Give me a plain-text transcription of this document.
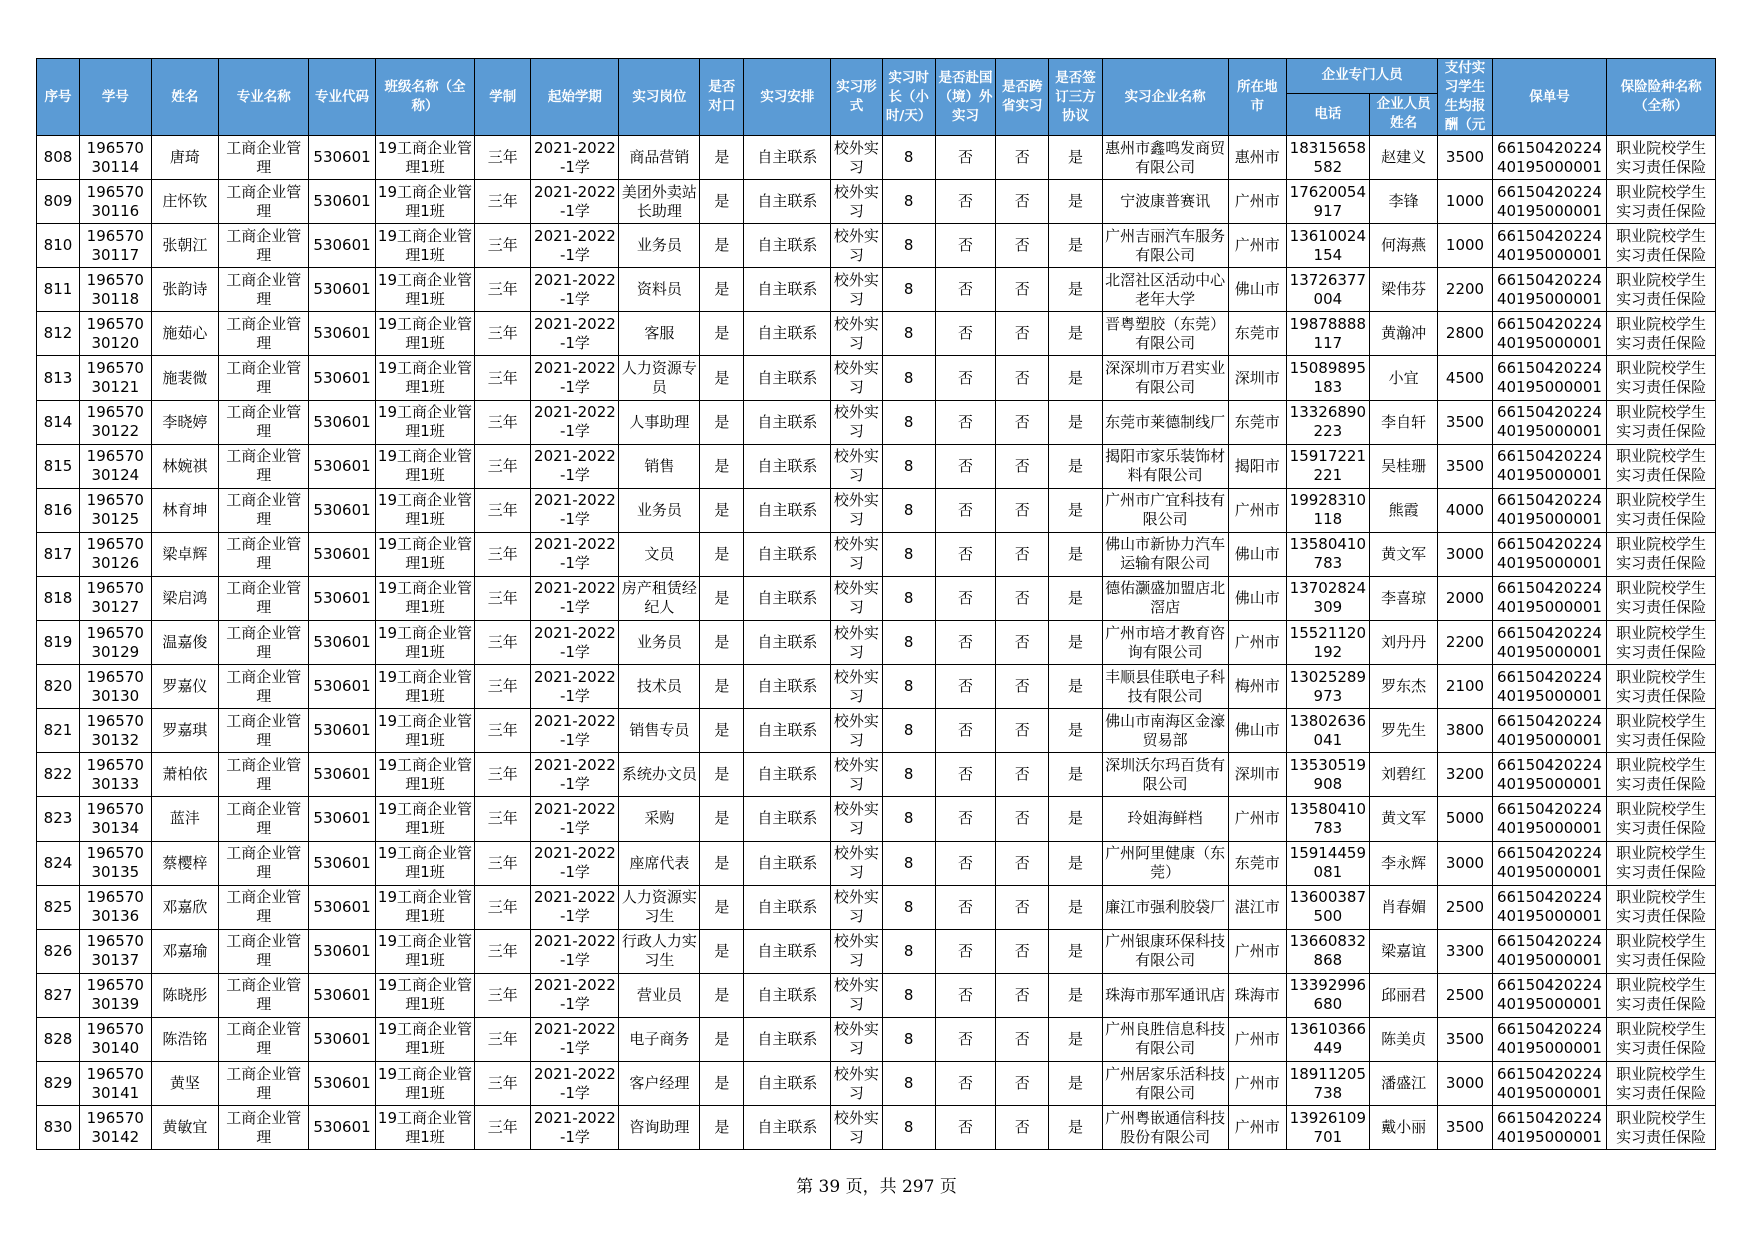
序号	学号	姓名	专业名称	专业代码	班级名称（全称）	学制	起始学期	实习岗位	是否对口	实习安排	实习形式	实习时长（小时/天）	是否赴国（境）外实习	是否跨省实习	是否签订三方协议	实习企业名称	所在地市	企业专门人员		支付实习学生生均报酬（元	保单号	保险险种名称（全称）
																		电话	企业人员姓名			

808	19657030114	唐琦	工商企业管理	530601	19工商企业管理1班	三年	2021-2022-1学	商品营销	是	自主联系	校外实习	8	否	否	是	惠州市鑫鸣发商贸有限公司	惠州市	18315658582	赵建义	3500	6615042022440195000001	职业院校学生实习责任保险

809	19657030116	庄怀钦	工商企业管理	530601	19工商企业管理1班	三年	2021-2022-1学	美团外卖站长助理	是	自主联系	校外实习	8	否	否	是	宁波康普赛讯	广州市	17620054917	李锋	1000	6615042022440195000001	职业院校学生实习责任保险

810	19657030117	张朝江	工商企业管理	530601	19工商企业管理1班	三年	2021-2022-1学	业务员	是	自主联系	校外实习	8	否	否	是	广州吉丽汽车服务有限公司	广州市	13610024154	何海燕	1000	6615042022440195000001	职业院校学生实习责任保险

811	19657030118	张韵诗	工商企业管理	530601	19工商企业管理1班	三年	2021-2022-1学	资料员	是	自主联系	校外实习	8	否	否	是	北滘社区活动中心老年大学	佛山市	13726377004	梁伟芬	2200	6615042022440195000001	职业院校学生实习责任保险

812	19657030120	施茹心	工商企业管理	530601	19工商企业管理1班	三年	2021-2022-1学	客服	是	自主联系	校外实习	8	否	否	是	晋粤塑胶（东莞）有限公司	东莞市	19878888117	黄瀚冲	2800	6615042022440195000001	职业院校学生实习责任保险

813	19657030121	施裴微	工商企业管理	530601	19工商企业管理1班	三年	2021-2022-1学	人力资源专员	是	自主联系	校外实习	8	否	否	是	深深圳市万君实业有限公司	深圳市	15089895183	小宜	4500	6615042022440195000001	职业院校学生实习责任保险

814	19657030122	李晓婷	工商企业管理	530601	19工商企业管理1班	三年	2021-2022-1学	人事助理	是	自主联系	校外实习	8	否	否	是	东莞市莱德制线厂	东莞市	13326890223	李自轩	3500	6615042022440195000001	职业院校学生实习责任保险

815	19657030124	林婉祺	工商企业管理	530601	19工商企业管理1班	三年	2021-2022-1学	销售	是	自主联系	校外实习	8	否	否	是	揭阳市家乐装饰材料有限公司	揭阳市	15917221221	吴桂珊	3500	6615042022440195000001	职业院校学生实习责任保险

816	19657030125	林育坤	工商企业管理	530601	19工商企业管理1班	三年	2021-2022-1学	业务员	是	自主联系	校外实习	8	否	否	是	广州市广宜科技有限公司	广州市	19928310118	熊霞	4000	6615042022440195000001	职业院校学生实习责任保险

817	19657030126	梁卓辉	工商企业管理	530601	19工商企业管理1班	三年	2021-2022-1学	文员	是	自主联系	校外实习	8	否	否	是	佛山市新协力汽车运输有限公司	佛山市	13580410783	黄文军	3000	6615042022440195000001	职业院校学生实习责任保险

818	19657030127	梁启鸿	工商企业管理	530601	19工商企业管理1班	三年	2021-2022-1学	房产租赁经纪人	是	自主联系	校外实习	8	否	否	是	德佑灏盛加盟店北滘店	佛山市	13702824309	李喜琼	2000	6615042022440195000001	职业院校学生实习责任保险

819	19657030129	温嘉俊	工商企业管理	530601	19工商企业管理1班	三年	2021-2022-1学	业务员	是	自主联系	校外实习	8	否	否	是	广州市培才教育咨询有限公司	广州市	15521120192	刘丹丹	2200	6615042022440195000001	职业院校学生实习责任保险

820	19657030130	罗嘉仪	工商企业管理	530601	19工商企业管理1班	三年	2021-2022-1学	技术员	是	自主联系	校外实习	8	否	否	是	丰顺县佳联电子科技有限公司	梅州市	13025289973	罗东杰	2100	6615042022440195000001	职业院校学生实习责任保险

821	19657030132	罗嘉琪	工商企业管理	530601	19工商企业管理1班	三年	2021-2022-1学	销售专员	是	自主联系	校外实习	8	否	否	是	佛山市南海区金濠贸易部	佛山市	13802636041	罗先生	3800	6615042022440195000001	职业院校学生实习责任保险

822	19657030133	萧柏依	工商企业管理	530601	19工商企业管理1班	三年	2021-2022-1学	系统办文员	是	自主联系	校外实习	8	否	否	是	深圳沃尔玛百货有限公司	深圳市	13530519908	刘碧红	3200	6615042022440195000001	职业院校学生实习责任保险

823	19657030134	蓝沣	工商企业管理	530601	19工商企业管理1班	三年	2021-2022-1学	采购	是	自主联系	校外实习	8	否	否	是	玲姐海鲜档	广州市	13580410783	黄文军	5000	6615042022440195000001	职业院校学生实习责任保险

824	19657030135	蔡樱梓	工商企业管理	530601	19工商企业管理1班	三年	2021-2022-1学	座席代表	是	自主联系	校外实习	8	否	否	是	广州阿里健康（东莞）	东莞市	15914459081	李永辉	3000	6615042022440195000001	职业院校学生实习责任保险

825	19657030136	邓嘉欣	工商企业管理	530601	19工商企业管理1班	三年	2021-2022-1学	人力资源实习生	是	自主联系	校外实习	8	否	否	是	廉江市强利胶袋厂	湛江市	13600387500	肖春媚	2500	6615042022440195000001	职业院校学生实习责任保险

826	19657030137	邓嘉瑜	工商企业管理	530601	19工商企业管理1班	三年	2021-2022-1学	行政人力实习生	是	自主联系	校外实习	8	否	否	是	广州银康环保科技有限公司	广州市	13660832868	梁嘉谊	3300	6615042022440195000001	职业院校学生实习责任保险

827	19657030139	陈晓彤	工商企业管理	530601	19工商企业管理1班	三年	2021-2022-1学	营业员	是	自主联系	校外实习	8	否	否	是	珠海市那军通讯店	珠海市	13392996680	邱丽君	2500	6615042022440195000001	职业院校学生实习责任保险

828	19657030140	陈浩铭	工商企业管理	530601	19工商企业管理1班	三年	2021-2022-1学	电子商务	是	自主联系	校外实习	8	否	否	是	广州良胜信息科技有限公司	广州市	13610366449	陈美贞	3500	6615042022440195000001	职业院校学生实习责任保险

829	19657030141	黄坚	工商企业管理	530601	19工商企业管理1班	三年	2021-2022-1学	客户经理	是	自主联系	校外实习	8	否	否	是	广州居家乐活科技有限公司	广州市	18911205738	潘盛江	3000	6615042022440195000001	职业院校学生实习责任保险

830	19657030142	黄敏宜	工商企业管理	530601	19工商企业管理1班	三年	2021-2022-1学	咨询助理	是	自主联系	校外实习	8	否	否	是	广州粤嵌通信科技股份有限公司	广州市	13926109701	戴小丽	3500	6615042022440195000001	职业院校学生实习责任保险
第 39 页，共 297 页
